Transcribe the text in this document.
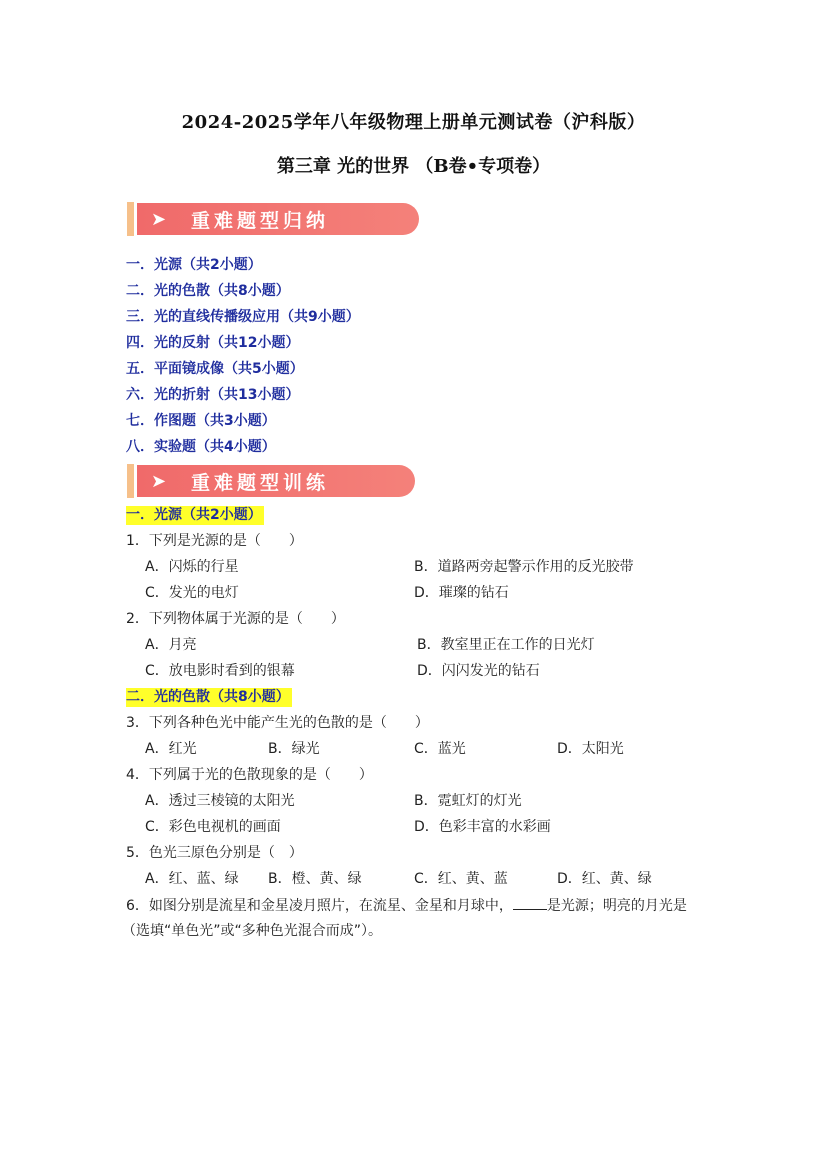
2024-2025学年八年级物理上册单元测试卷（沪科版）
第三章 光的世界 （B卷•专项卷）
➤	重难题型归纳
一．光源（共2小题）
二．光的色散（共8小题）
三．光的直线传播级应用（共9小题）
四．光的反射（共12小题）
五．平面镜成像（共5小题）
六．光的折射（共13小题）
七．作图题（共3小题）
八．实验题（共4小题）
➤	重难题型训练
一．光源（共2小题）
1．下列是光源的是（　　）
A．闪烁的行星	B．道路两旁起警示作用的反光胶带
C．发光的电灯	D．璀璨的钻石
2．下列物体属于光源的是（　　）
A．月亮	B．教室里正在工作的日光灯
C．放电影时看到的银幕	D．闪闪发光的钻石
二．光的色散（共8小题）
3．下列各种色光中能产生光的色散的是（　　）
A．红光	B．绿光	C．蓝光	D．太阳光
4．下列属于光的色散现象的是（　　）
A．透过三棱镜的太阳光	B．霓虹灯的灯光
C．彩色电视机的画面	D．色彩丰富的水彩画
5．色光三原色分别是（　）
A．红、蓝、绿 B．橙、黄、绿	C．红、黄、蓝	D．红、黄、绿
6．如图分别是流星和金星凌月照片，在流星、金星和月球中， 是光源；明亮的月光是
（选填“单色光”或“多种色光混合而成”）。
